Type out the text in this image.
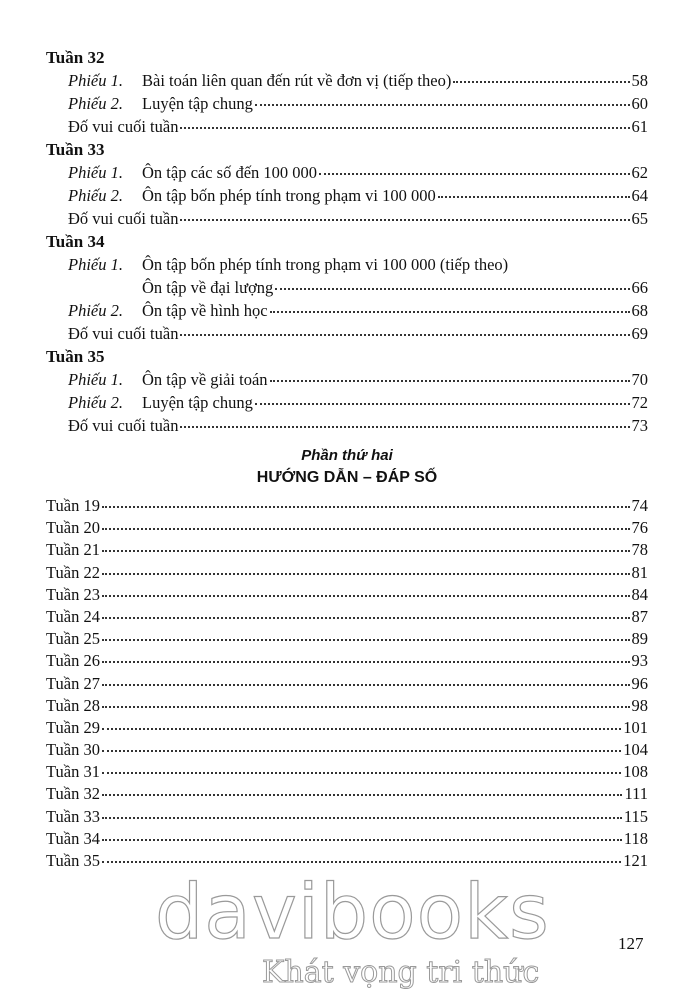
Tuần 32
Phiếu 1.	Bài toán liên quan đến rút về đơn vị (tiếp theo)	58
Phiếu 2.	Luyện tập chung	60
Đố vui cuối tuần	61
Tuần 33
Phiếu 1.	Ôn tập các số đến 100 000	62
Phiếu 2.	Ôn tập bốn phép tính trong phạm vi 100 000	64
Đố vui cuối tuần	65
Tuần 34
Phiếu 1.	Ôn tập bốn phép tính trong phạm vi 100 000 (tiếp theo)
Ôn tập về đại lượng	66
Phiếu 2.	Ôn tập về hình học	68
Đố vui cuối tuần	69
Tuần 35
Phiếu 1.	Ôn tập về giải toán	70
Phiếu 2.	Luyện tập chung	72
Đố vui cuối tuần	73
Phần thứ hai
HƯỚNG DẪN – ĐÁP SỐ
Tuần 19	74
Tuần 20	76
Tuần 21	78
Tuần 22	81
Tuần 23	84
Tuần 24	87
Tuần 25	89
Tuần 26	93
Tuần 27	96
Tuần 28	98
Tuần 29	101
Tuần 30	104
Tuần 31	108
Tuần 32	111
Tuần 33	115
Tuần 34	118
Tuần 35	121
127
davibooks
Khát vọng tri thức
